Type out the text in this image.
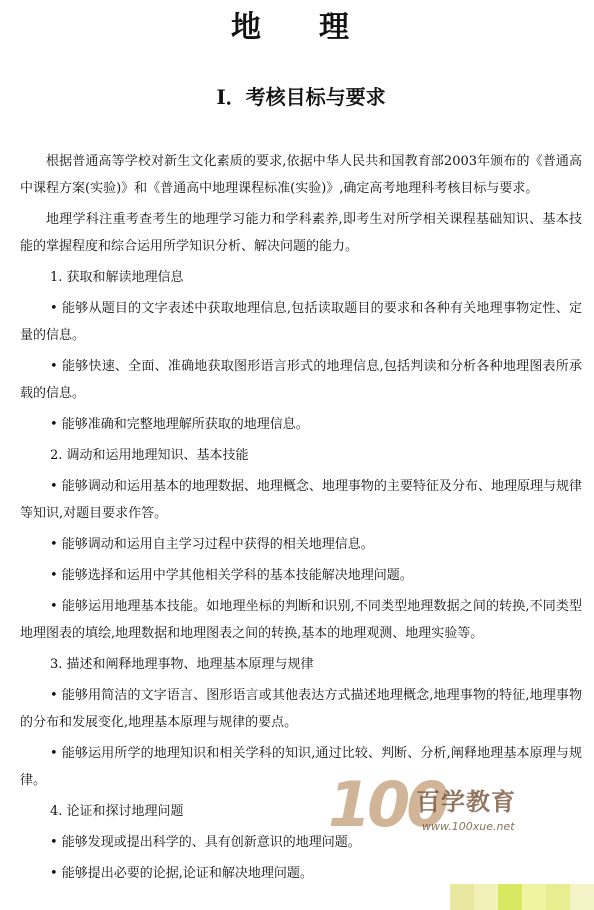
地　理
Ⅰ．考核目标与要求

根据普通高等学校对新生文化素质的要求,依据中华人民共和国教育部2003年颁布的《普通高中课程方案(实验)》和《普通高中地理课程标准(实验)》,确定高考地理科考核目标与要求。

地理学科注重考查考生的地理学习能力和学科素养,即考生对所学相关课程基础知识、基本技能的掌握程度和综合运用所学知识分析、解决问题的能力。

1. 获取和解读地理信息

• 能够从题目的文字表述中获取地理信息,包括读取题目的要求和各种有关地理事物定性、定量的信息。

• 能够快速、全面、准确地获取图形语言形式的地理信息,包括判读和分析各种地理图表所承载的信息。

• 能够准确和完整地理解所获取的地理信息。

2. 调动和运用地理知识、基本技能

• 能够调动和运用基本的地理数据、地理概念、地理事物的主要特征及分布、地理原理与规律等知识,对题目要求作答。

• 能够调动和运用自主学习过程中获得的相关地理信息。

• 能够选择和运用中学其他相关学科的基本技能解决地理问题。

• 能够运用地理基本技能。如地理坐标的判断和识别,不同类型地理数据之间的转换,不同类型地理图表的填绘,地理数据和地理图表之间的转换,基本的地理观测、地理实验等。

3. 描述和阐释地理事物、地理基本原理与规律

• 能够用简洁的文字语言、图形语言或其他表达方式描述地理概念,地理事物的特征,地理事物的分布和发展变化,地理基本原理与规律的要点。

• 能够运用所学的地理知识和相关学科的知识,通过比较、判断、分析,阐释地理基本原理与规律。

4. 论证和探讨地理问题

• 能够发现或提出科学的、具有创新意识的地理问题。

• 能够提出必要的论据,论证和解决地理问题。

100
百学教育
www.100xue.net
